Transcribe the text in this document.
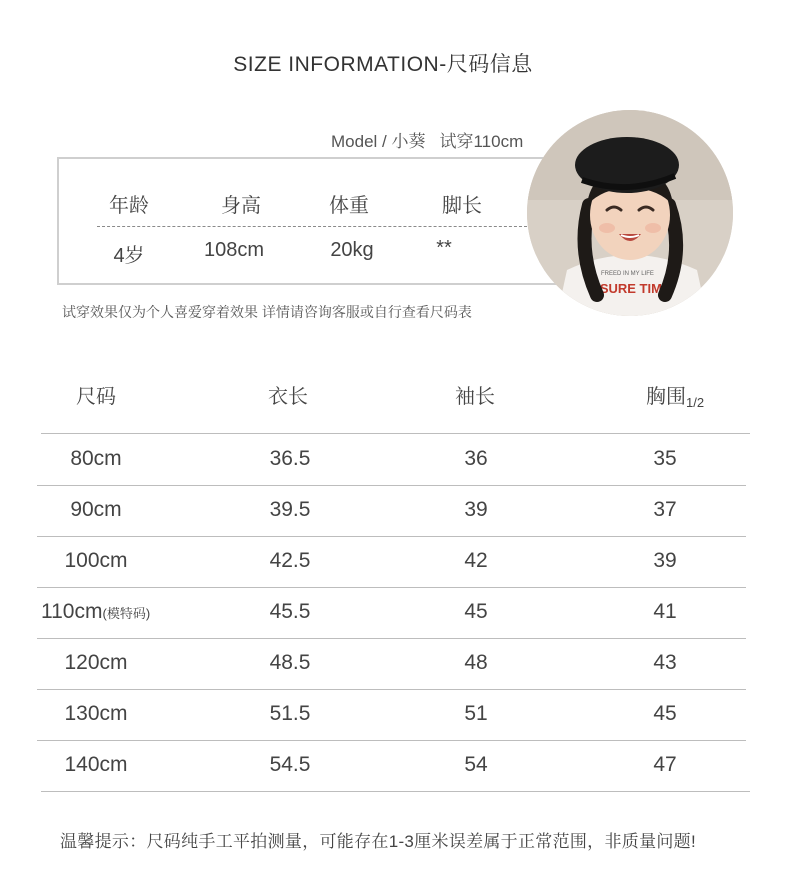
SIZE INFORMATION-尺码信息
Model / 小葵 试穿110cm
年龄	身高	体重	脚长
4岁	108cm	20kg	**
MSURE TIM
FREED IN MY LIFE
试穿效果仅为个人喜爱穿着效果 详情请咨询客服或自行查看尺码表
尺码	衣长	袖长	胸围$_{1/2}$
80cm	36.5	36	35
90cm	39.5	39	37
100cm	42.5	42	39
110cm(模特码)	45.5	45	41
120cm	48.5	48	43
130cm	51.5	51	45
140cm	54.5	54	47
温馨提示：尺码纯手工平拍测量，可能存在1-3厘米误差属于正常范围，非质量问题!
